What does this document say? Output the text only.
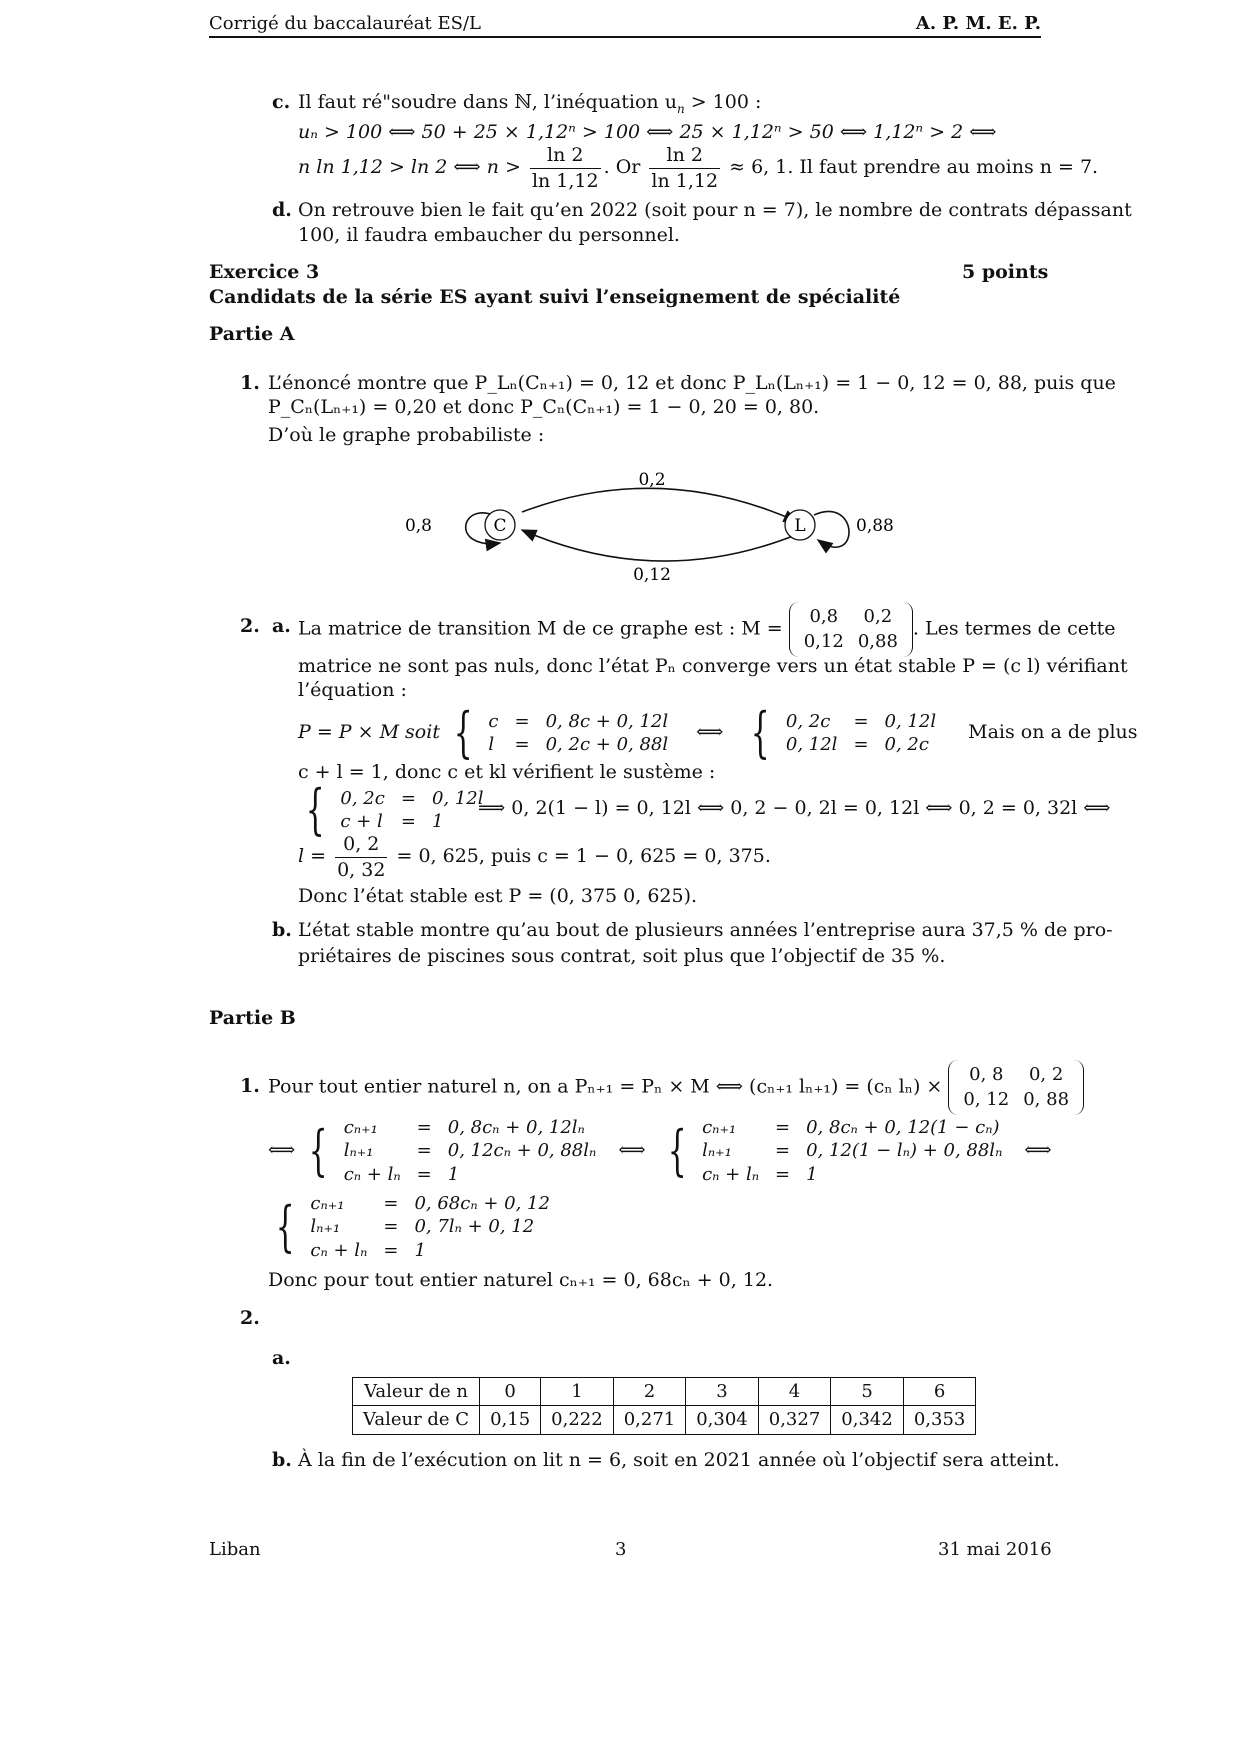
Corrigé du baccalauréat ES/L	A. P. M. E. P.
c. Il faut ré"soudre dans ℕ, l’inéquation $u_n > 100$ :
uₙ > 100 ⟺ 50 + 25 × 1,12ⁿ > 100 ⟺ 25 × 1,12ⁿ > 50 ⟺ 1,12ⁿ > 2 ⟺
n ln 1,12 > ln 2 ⟺ $n > \frac{\ln 2}{\ln 1,12}$ . Or $\frac{\ln 2}{\ln 1,12} \approx 6$, 1. Il faut prendre au moins n = 7.
d. On retrouve bien le fait qu’en 2022 (soit pour n = 7), le nombre de contrats dépassant
100, il faudra embaucher du personnel.
Exercice 3	5 points
Candidats de la série ES ayant suivi l’enseignement de spécialité
Partie A
1. L’énoncé montre que P_Lₙ(Cₙ₊₁) = 0, 12 et donc P_Lₙ(Lₙ₊₁) = 1 − 0, 12 = 0, 88, puis que
P_Cₙ(Lₙ₊₁) = 0,20 et donc P_Cₙ(Cₙ₊₁) = 1 − 0, 20 = 0, 80.
D’où le graphe probabiliste :
C	L
0,2
0,12
0,8	0,88
2. a. La matrice de transition M de ce graphe est : M = 0,8	0,2
0,12	0,88. Les termes de cette
matrice ne sont pas nuls, donc l’état Pₙ converge vers un état stable P = (c l) vérifiant
l’équation :
P = P × M soit { c	=	0, 8c + 0, 12l
l	=	0, 2c + 0, 88l ⟺ { 0, 2c	=	0, 12l
0, 12l	=	0, 2c Mais on a de plus
c + l = 1, donc c et kl vérifient le sustème :
{ 0, 2c	=	0, 12l
c + l	=	1
⟹ 0, 2(1 − l) = 0, 12l ⟺ 0, 2 − 0, 2l = 0, 12l ⟺ 0, 2 = 0, 32l ⟺
$l = \frac{0, 2}{0, 32} = 0$, 625, puis c = 1 − 0, 625 = 0, 375.
Donc l’état stable est P = (0, 375 0, 625).
b. L’état stable montre qu’au bout de plusieurs années l’entreprise aura 37,5 % de pro-
priétaires de piscines sous contrat, soit plus que l’objectif de 35 %.
Partie B
1. Pour tout entier naturel n, on a Pₙ₊₁ = Pₙ × M ⟺ (cₙ₊₁ lₙ₊₁) = (cₙ lₙ) × 0, 8	0, 2
0, 12	0, 88
⟺ { cₙ₊₁	=	0, 8cₙ + 0, 12lₙ
lₙ₊₁	=	0, 12cₙ + 0, 88lₙ
cₙ + lₙ	=	1 ⟺ { cₙ₊₁	=	0, 8cₙ + 0, 12(1 − cₙ)
lₙ₊₁	=	0, 12(1 − lₙ) + 0, 88lₙ
cₙ + lₙ	=	1 ⟺
{ cₙ₊₁	=	0, 68cₙ + 0, 12
lₙ₊₁	=	0, 7lₙ + 0, 12
cₙ + lₙ	=	1
Donc pour tout entier naturel cₙ₊₁ = 0, 68cₙ + 0, 12.
2.
a.
Valeur de n	0	1	2	3	4	5	6
Valeur de C	0,15	0,222	0,271	0,304	0,327	0,342	0,353
b. À la fin de l’exécution on lit n = 6, soit en 2021 année où l’objectif sera atteint.
Liban	3	31 mai 2016
